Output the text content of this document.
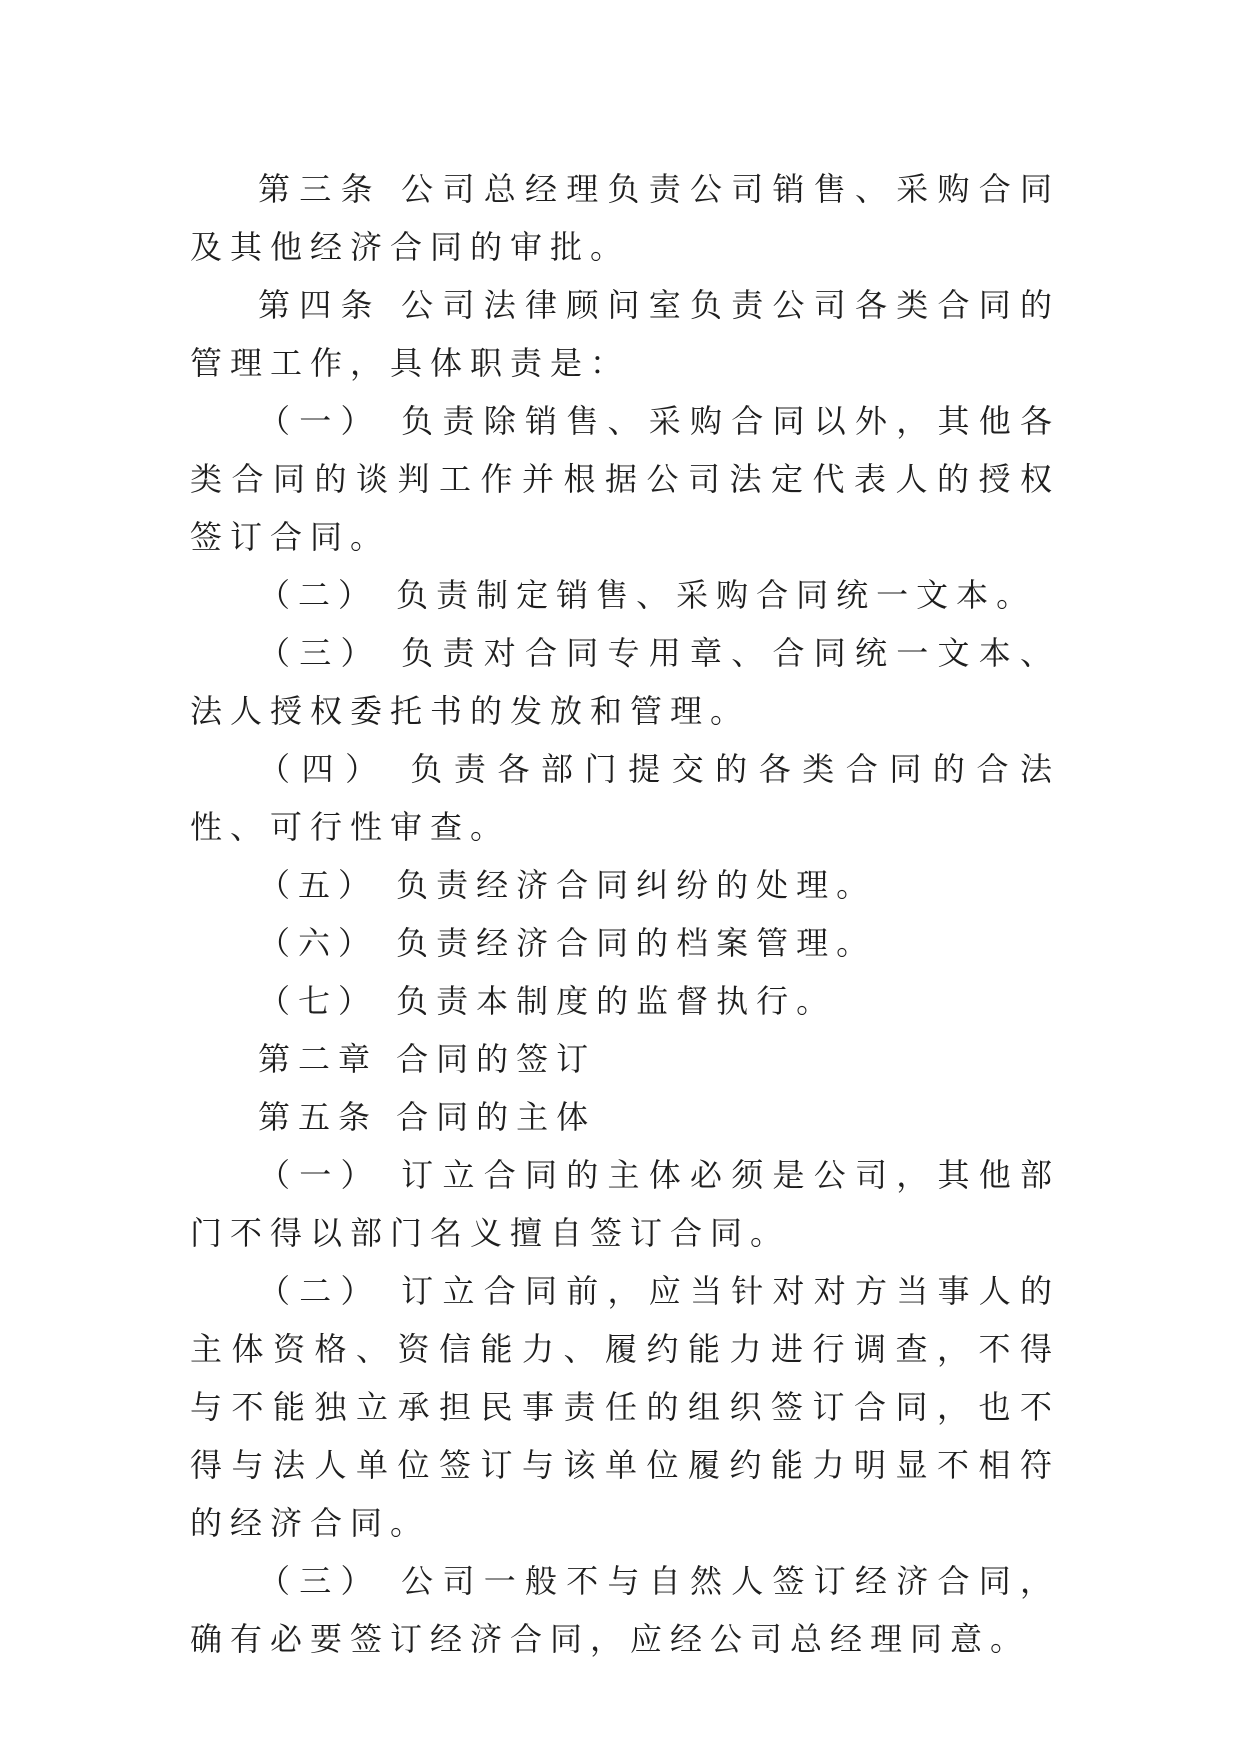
第三条 公司总经理负责公司销售、采购合同及其他经济合同的审批。

第四条 公司法律顾问室负责公司各类合同的管理工作，具体职责是：

（一） 负责除销售、采购合同以外，其他各类合同的谈判工作并根据公司法定代表人的授权签订合同。

（二） 负责制定销售、采购合同统一文本。

（三） 负责对合同专用章、合同统一文本、法人授权委托书的发放和管理。

（四） 负责各部门提交的各类合同的合法性、可行性审查。

（五） 负责经济合同纠纷的处理。

（六） 负责经济合同的档案管理。

（七） 负责本制度的监督执行。

第二章 合同的签订

第五条 合同的主体

（一） 订立合同的主体必须是公司，其他部门不得以部门名义擅自签订合同。

（二） 订立合同前，应当针对对方当事人的主体资格、资信能力、履约能力进行调查，不得与不能独立承担民事责任的组织签订合同，也不得与法人单位签订与该单位履约能力明显不相符的经济合同。

（三） 公司一般不与自然人签订经济合同，确有必要签订经济合同，应经公司总经理同意。
